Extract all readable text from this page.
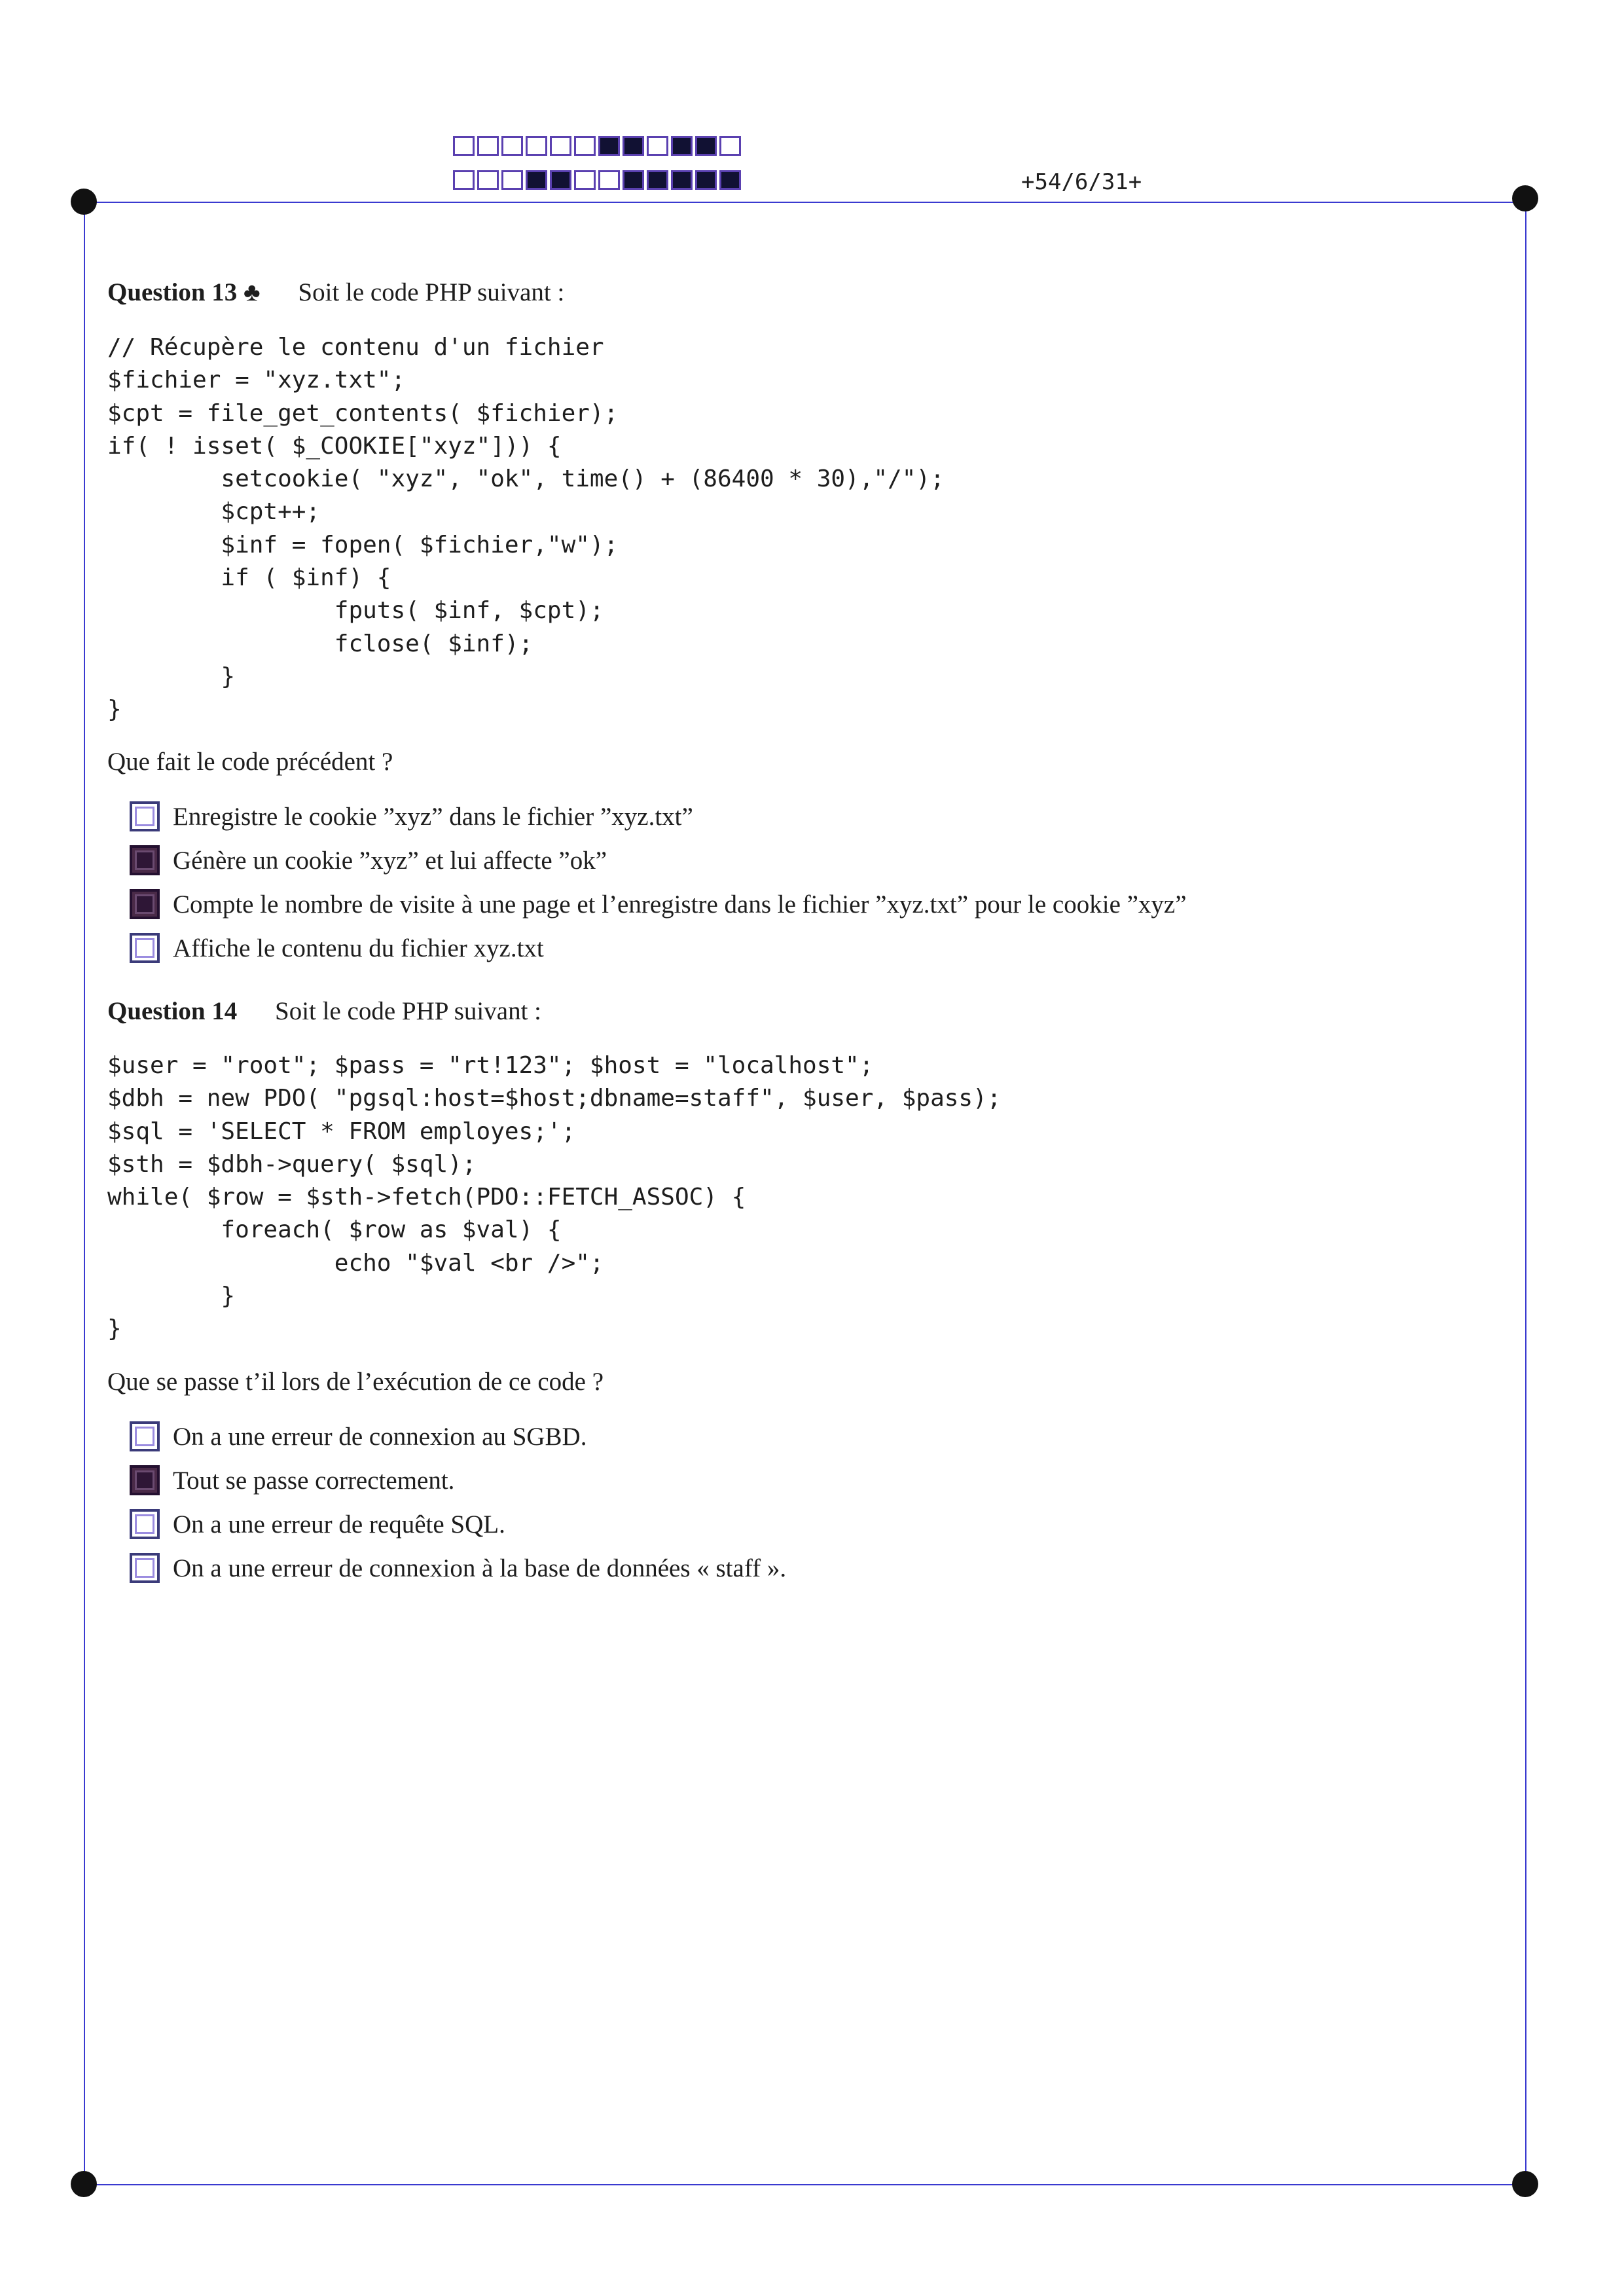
+54/6/31+
Question 13 ♣ Soit le code PHP suivant :
// Récupère le contenu d'un fichier
$fichier = "xyz.txt";
$cpt = file_get_contents( $fichier);
if( ! isset( $_COOKIE["xyz"])) {
setcookie( "xyz", "ok", time() + (86400 * 30),"/");
$cpt++;
$inf = fopen( $fichier,"w");
if ( $inf) {
fputs( $inf, $cpt);
fclose( $inf);
}
}
Que fait le code précédent ?
Enregistre le cookie ”xyz” dans le fichier ”xyz.txt”
Génère un cookie ”xyz” et lui affecte ”ok”
Compte le nombre de visite à une page et l’enregistre dans le fichier ”xyz.txt” pour le cookie ”xyz”
Affiche le contenu du fichier xyz.txt
Question 14 Soit le code PHP suivant :
$user = "root"; $pass = "rt!123"; $host = "localhost";
$dbh = new PDO( "pgsql:host=$host;dbname=staff", $user, $pass);
$sql = 'SELECT * FROM employes;';
$sth = $dbh->query( $sql);
while( $row = $sth->fetch(PDO::FETCH_ASSOC) {
foreach( $row as $val) {
echo "$val <br />";
}
}
Que se passe t’il lors de l’exécution de ce code ?
On a une erreur de connexion au SGBD.
Tout se passe correctement.
On a une erreur de requête SQL.
On a une erreur de connexion à la base de données « staff ».
